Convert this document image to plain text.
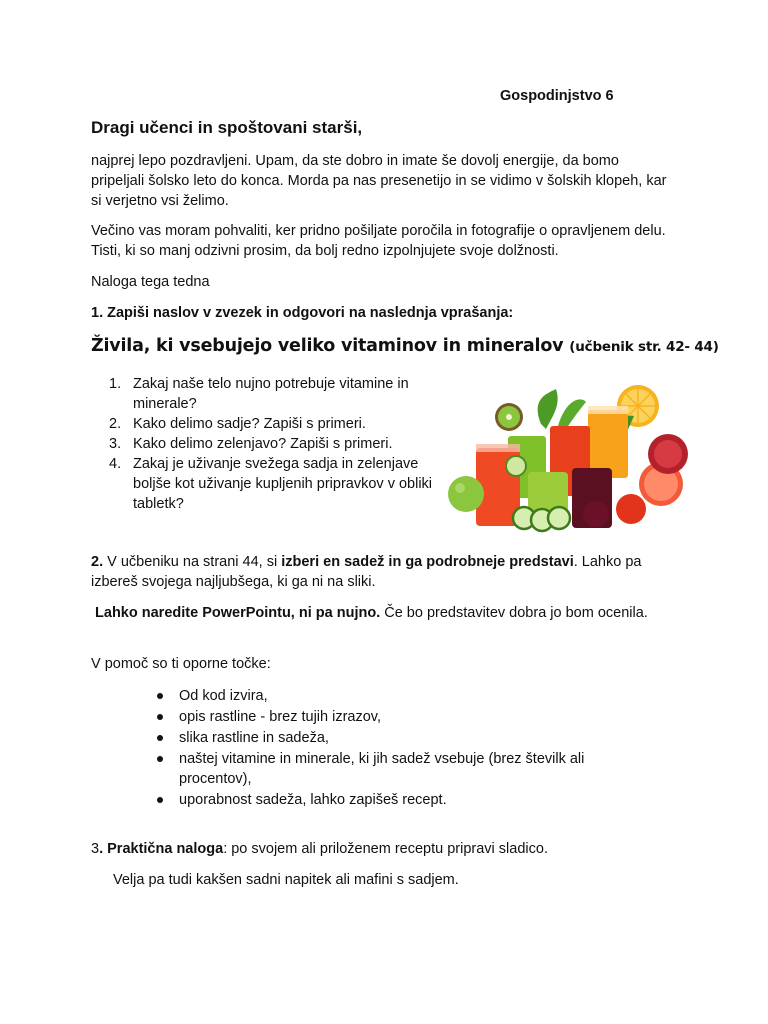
Gospodinjstvo 6
Dragi učenci in spoštovani starši,

najprej lepo pozdravljeni. Upam, da ste dobro in imate še dovolj energije, da bomo pripeljali šolsko leto do konca. Morda pa nas presenetijo in se vidimo v šolskih klopeh, kar si verjetno vsi želimo.

Večino vas moram pohvaliti, ker pridno pošiljate poročila in fotografije o opravljenem delu. Tisti, ki so manj odzivni prosim, da bolj redno izpolnjujete svoje dolžnosti.

Naloga tega tedna

1. Zapiši naslov v zvezek in odgovori na naslednja vprašanja:

Živila, ki vsebujejo veliko vitaminov in mineralov (učbenik str. 42- 44)
1. Zakaj naše telo nujno potrebuje vitamine in minerale?
2. Kako delimo sadje? Zapiši s primeri.
3. Kako delimo zelenjavo? Zapiši s primeri.
4. Zakaj je uživanje svežega sadja in zelenjave boljše kot uživanje kupljenih pripravkov v obliki tabletk?

2. V učbeniku na strani 44, si izberi en sadež in ga podrobneje predstavi. Lahko pa izbereš svojega najljubšega, ki ga ni na sliki.

Lahko naredite PowerPointu, ni pa nujno. Če bo predstavitev dobra jo bom ocenila.

V pomoč so ti oporne točke:

Od kod izvira,
opis rastline - brez tujih izrazov,
slika rastline in sadeža,
naštej vitamine in minerale, ki jih sadež vsebuje (brez številk ali procentov),
uporabnost sadeža, lahko zapišeš recept.

3. Praktična naloga: po svojem ali priloženem receptu pripravi sladico.

Velja pa tudi kakšen sadni napitek ali mafini s sadjem.
